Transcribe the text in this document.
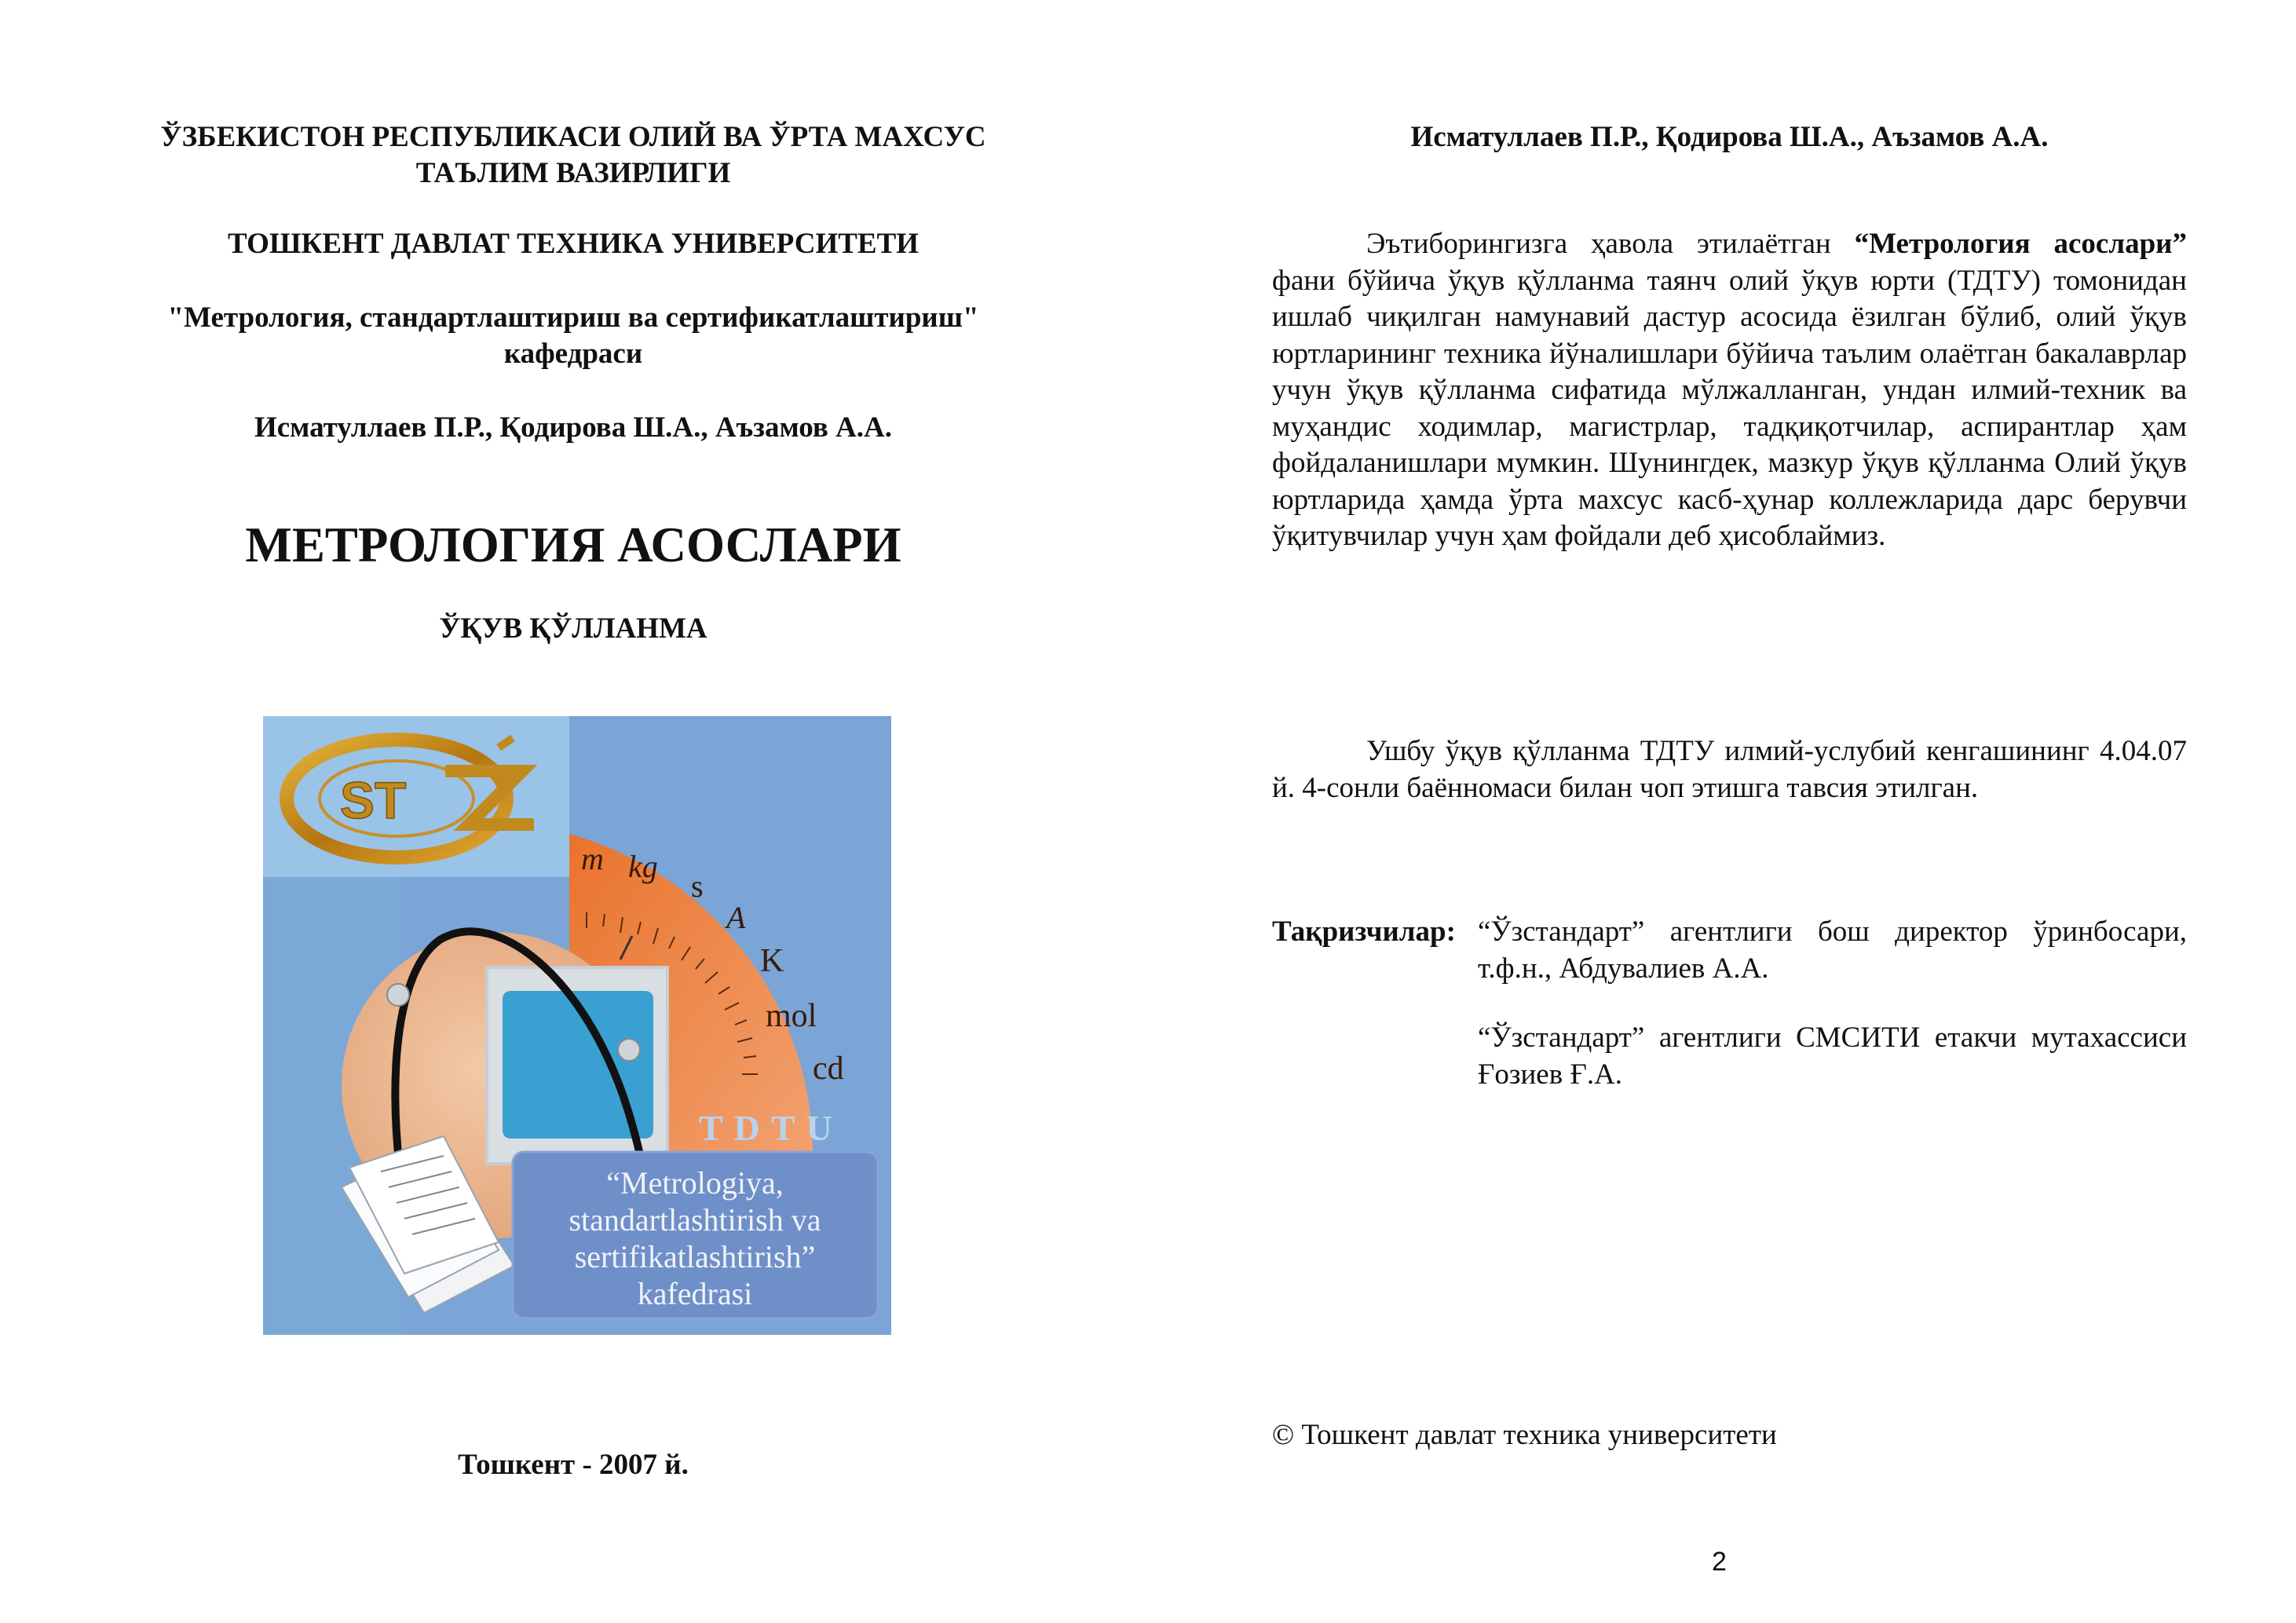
ЎЗБЕКИСТОН РЕСПУБЛИКАСИ ОЛИЙ ВА ЎРТА МАХСУС
ТАЪЛИМ ВАЗИРЛИГИ
ТОШКЕНТ ДАВЛАТ ТЕХНИКА УНИВЕРСИТЕТИ
"Метрология, стандартлаштириш ва сертификатлаштириш"
кафедраси
Исматуллаев П.Р., Қодирова Ш.А., Аъзамов А.А.
МЕТРОЛОГИЯ АСОСЛАРИ
ЎҚУВ ҚЎЛЛАНМА
m kg
s
A
K
mol
cd
TDTU
“Metrologiya,
standartlashtirish va
sertifikatlashtirish”
kafedrasi
ST
Тошкент - 2007 й.
Исматуллаев П.Р., Қодирова Ш.А., Аъзамов А.А.

Эътиборингизга ҳавола этилаётган “Метрология асослари” фани бўйича ўқув қўлланма таянч олий ўқув юрти (ТДТУ) томонидан ишлаб чиқилган намунавий дастур асосида ёзилган бўлиб, олий ўқув юртларининг техника йўналишлари бўйича таълим олаётган бакалаврлар учун ўқув қўлланма сифатида мўлжалланган, ундан илмий-техник ва муҳандис ходимлар, магистрлар, тадқиқотчилар, аспирантлар ҳам фойдаланишлари мумкин. Шунингдек, мазкур ўқув қўлланма Олий ўқув юртларида ҳамда ўрта махсус касб-ҳунар коллежларида дарс берувчи ўқитувчилар учун ҳам фойдали деб ҳисоблаймиз.

Ушбу ўқув қўлланма ТДТУ илмий-услубий кенгашининг 4.04.07 й. 4-сонли баённомаси билан чоп этишга тавсия этилган.

Тақризчилар: “Ўзстандарт” агентлиги бош директор ўринбосари, т.ф.н., Абдувалиев А.А.
“Ўзстандарт” агентлиги СМСИТИ етакчи мутахассиси Ғозиев Ғ.А.
© Тошкент давлат техника университети
2
